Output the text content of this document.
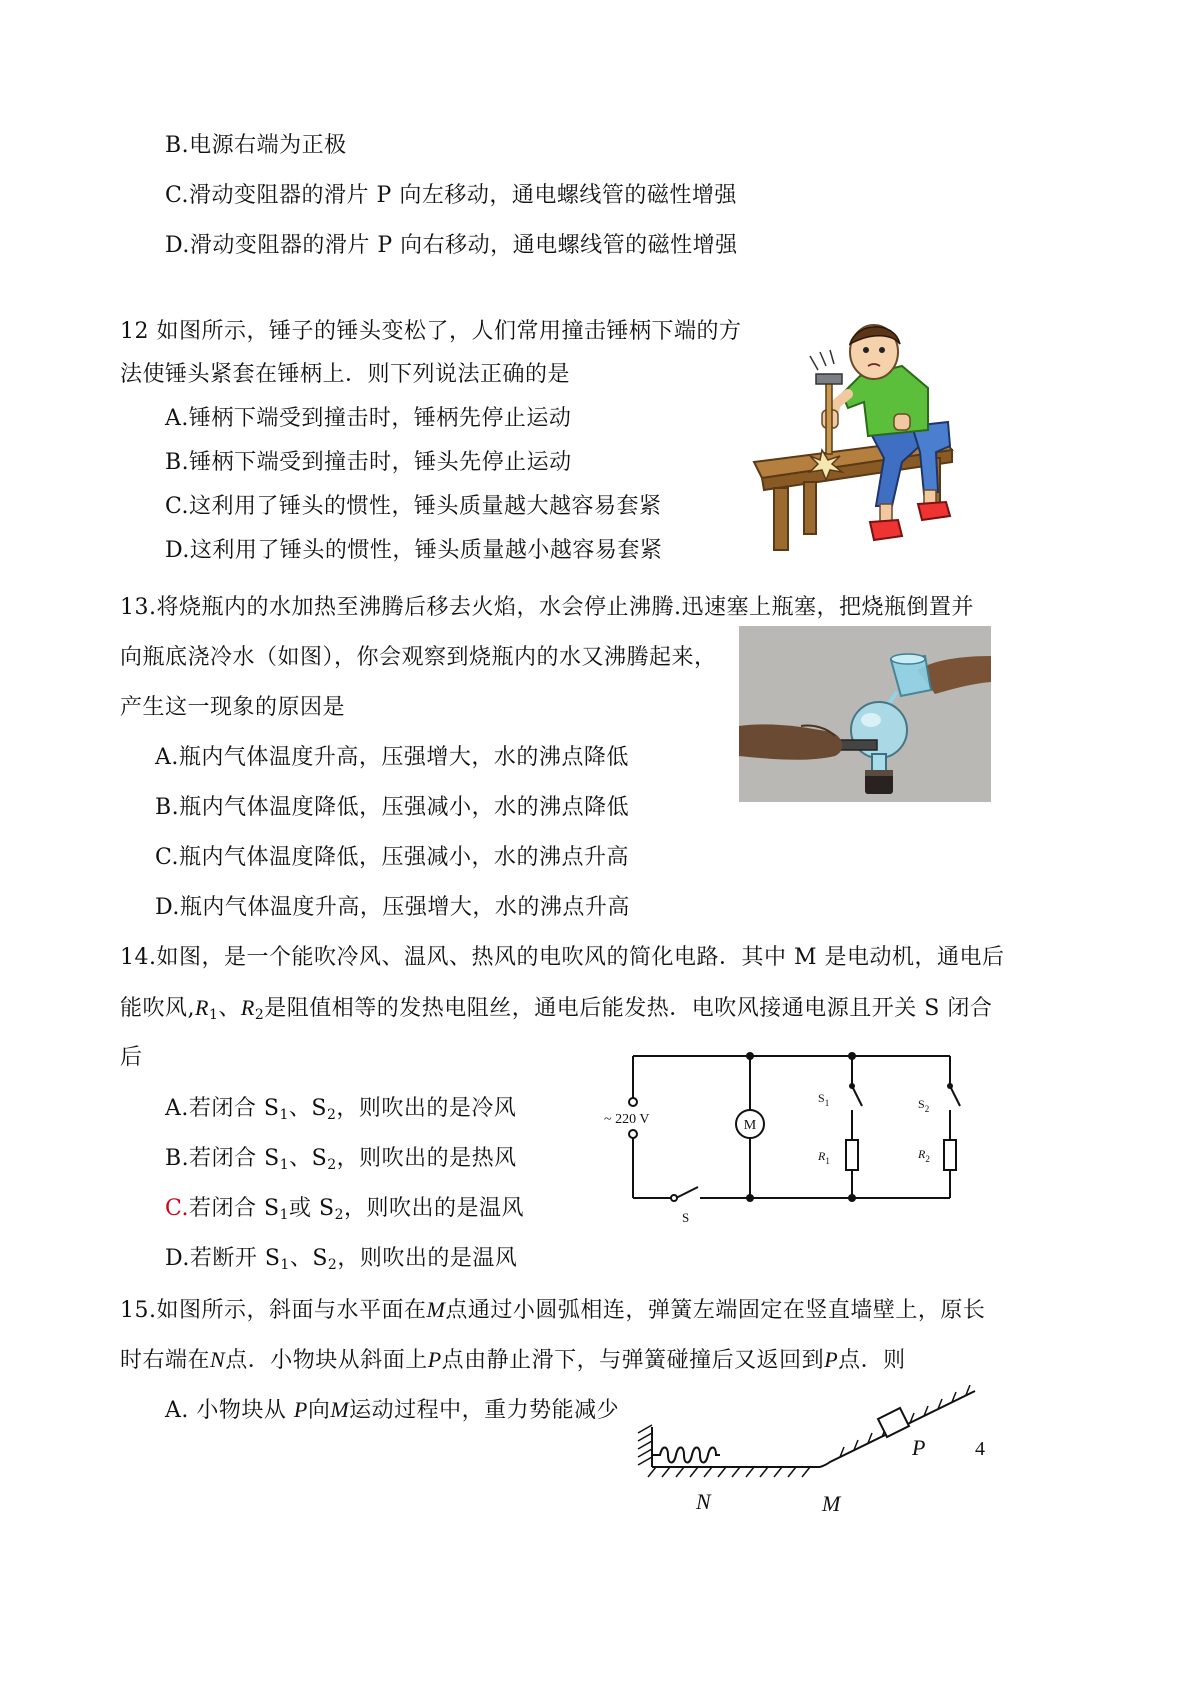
B.电源右端为正极
C.滑动变阻器的滑片 P 向左移动，通电螺线管的磁性增强
D.滑动变阻器的滑片 P 向右移动，通电螺线管的磁性增强
12 如图所示，锤子的锤头变松了，人们常用撞击锤柄下端的方
法使锤头紧套在锤柄上．则下列说法正确的是
A.锤柄下端受到撞击时，锤柄先停止运动
B.锤柄下端受到撞击时，锤头先停止运动
C.这利用了锤头的惯性，锤头质量越大越容易套紧
D.这利用了锤头的惯性，锤头质量越小越容易套紧
13.将烧瓶内的水加热至沸腾后移去火焰，水会停止沸腾.迅速塞上瓶塞，把烧瓶倒置并
向瓶底浇冷水（如图），你会观察到烧瓶内的水又沸腾起来，
产生这一现象的原因是
A.瓶内气体温度升高，压强增大，水的沸点降低
B.瓶内气体温度降低，压强减小，水的沸点降低
C.瓶内气体温度降低，压强减小，水的沸点升高
D.瓶内气体温度升高，压强增大，水的沸点升高
14.如图，是一个能吹冷风、温风、热风的电吹风的简化电路．其中 M 是电动机，通电后
能吹风$,R_1$、$R_2$是阻值相等的发热电阻丝，通电后能发热．电吹风接通电源且开关 S 闭合
后
A.若闭合 $S_1$、$S_2$，则吹出的是冷风
B.若闭合 $S_1$、$S_2$，则吹出的是热风
C.若闭合 $S_1$或 $S_2$，则吹出的是温风
D.若断开 $S_1$、$S_2$，则吹出的是温风
M
~ 220 V
$S_1$	$S_2$
$R_1$	$R_2$
S
15.如图所示，斜面与水平面在M点通过小圆弧相连，弹簧左端固定在竖直墙壁上，原长
时右端在N点．小物块从斜面上P点由静止滑下，与弹簧碰撞后又返回到P点．则
A. 小物块从 P向M运动过程中，重力势能减少
P
N	M
4
